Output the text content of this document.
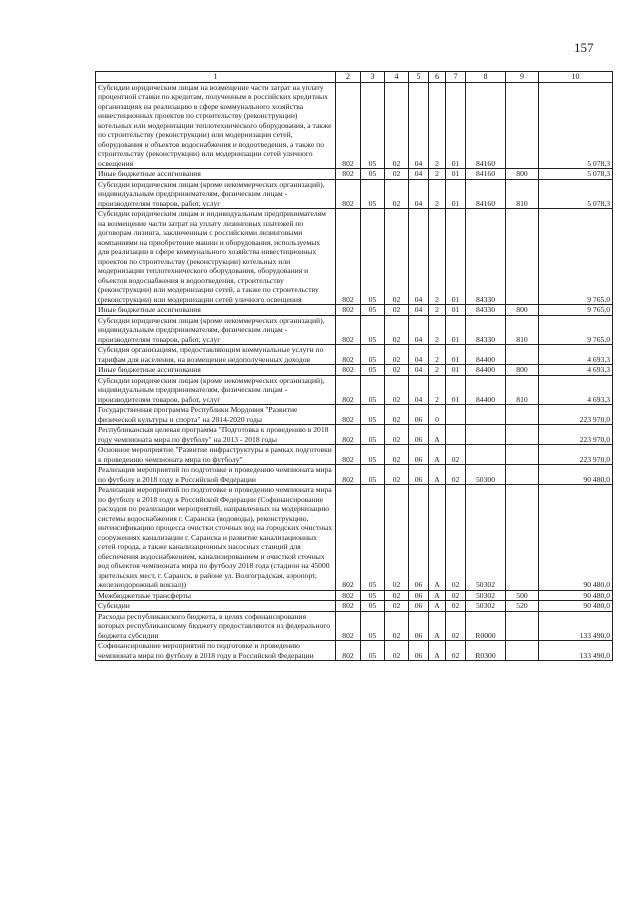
157
1	2	3	4	5	6	7	8	9	10
Субсидии юридическим лицам на возмещение части затрат на уплату процентной ставки по кредитам, полученным в российских кредитных организациях на реализацию в сфере коммунального хозяйства инвестиционных проектов по строительству (реконструкции) котельных или модернизации теплотехнического оборудования, а также по строительству (реконструкции) или модернизации сетей, оборудования и объектов водоснабжения и водоотведения, а также по строительству (реконструкции) или модернизации сетей уличного освещения	802	05	02	04	2	01	84160		5 078,3
Иные бюджетные ассигнования	802	05	02	04	2	01	84160	800	5 078,3
Субсидии юридическим лицам (кроме некоммерческих организаций), индивидуальным предпринимателям, физическим лицам - производителям товаров, работ, услуг	802	05	02	04	2	01	84160	810	5 078,3
Субсидии юридическим лицам и индивидуальным предпринимателям на возмещение части затрат на уплату лизинговых платежей по договорам лизинга, заключенным с российскими лизинговыми компаниями на приобретение машин и оборудования, используемых для реализации в сфере коммунального хозяйства инвестиционных проектов по строительству (реконструкции) котельных или модернизации теплотехнического оборудования, оборудования и объектов водоснабжения и водоотведения, строительству (реконструкции) или модернизации сетей, а также по строительству (реконструкции) или модернизации сетей уличного освещения	802	05	02	04	2	01	84330		9 765,0
Иные бюджетные ассигнования	802	05	02	04	2	01	84330	800	9 765,0
Субсидии юридическим лицам (кроме некоммерческих организаций), индивидуальным предпринимателям, физическим лицам - производителям товаров, работ, услуг	802	05	02	04	2	01	84330	810	9 765,0
Субсидия организациям, предоставляющим коммунальные услуги по тарифам для населения, на возмещение недополученных доходов	802	05	02	04	2	01	84400		4 693,3
Иные бюджетные ассигнования	802	05	02	04	2	01	84400	800	4 693,3
Субсидии юридическим лицам (кроме некоммерческих организаций), индивидуальным предпринимателям, физическим лицам - производителям товаров, работ, услуг	802	05	02	04	2	01	84400	810	4 693,3
Государственная программа Республики Мордовия "Развитие физической культуры и спорта" на 2014-2020 годы	802	05	02	06	0				223 970,0
Республиканская целевая программа "Подготовка к проведению в 2018 году чемпионата мира по футболу" на 2013 - 2018 годы	802	05	02	06	А				223 970,0
Основное мероприятие "Развитие инфраструктуры в рамках подготовки к проведению чемпионата мира по футболу"	802	05	02	06	А	02			223 970,0
Реализация мероприятий по подготовке и проведению чемпионата мира по футболу в 2018 году в Российской Федерации	802	05	02	06	А	02	50300		90 480,0
Реализация мероприятий по подготовке и проведению чемпионата мира по футболу в 2018 году в Российской Федерации (Софинансирование расходов по реализации мероприятий, направленных на модернизацию системы водоснабжения г. Саранска (водоводы), реконструкцию, интенсификацию процесса очистки сточных вод на городских очистных сооружениях канализации г. Саранска и развитие канализационных сетей города, а также канализационных насосных станций для обеспечения водоснабжением, канализированием и очисткой сточных вод объектов чемпионата мира по футболу 2018 года (стадион на 45000 зрительских мест, г. Саранск, в районе ул. Волгоградская, аэропорт, железнодорожный вокзал))	802	05	02	06	А	02	50302		90 480,0
Межбюджетные трансферты	802	05	02	06	А	02	50302	500	90 480,0
Субсидии	802	05	02	06	А	02	50302	520	90 480,0
Расходы республиканского бюджета, в целях софинансирования которых республиканскому бюджету предоставляются из федерального бюджета субсидии	802	05	02	06	А	02	R0000		133 490,0
Софинансирование мероприятий по подготовке и проведению чемпионата мира по футболу в 2018 году в Российской Федерации	802	05	02	06	А	02	R0300		133 490,0
